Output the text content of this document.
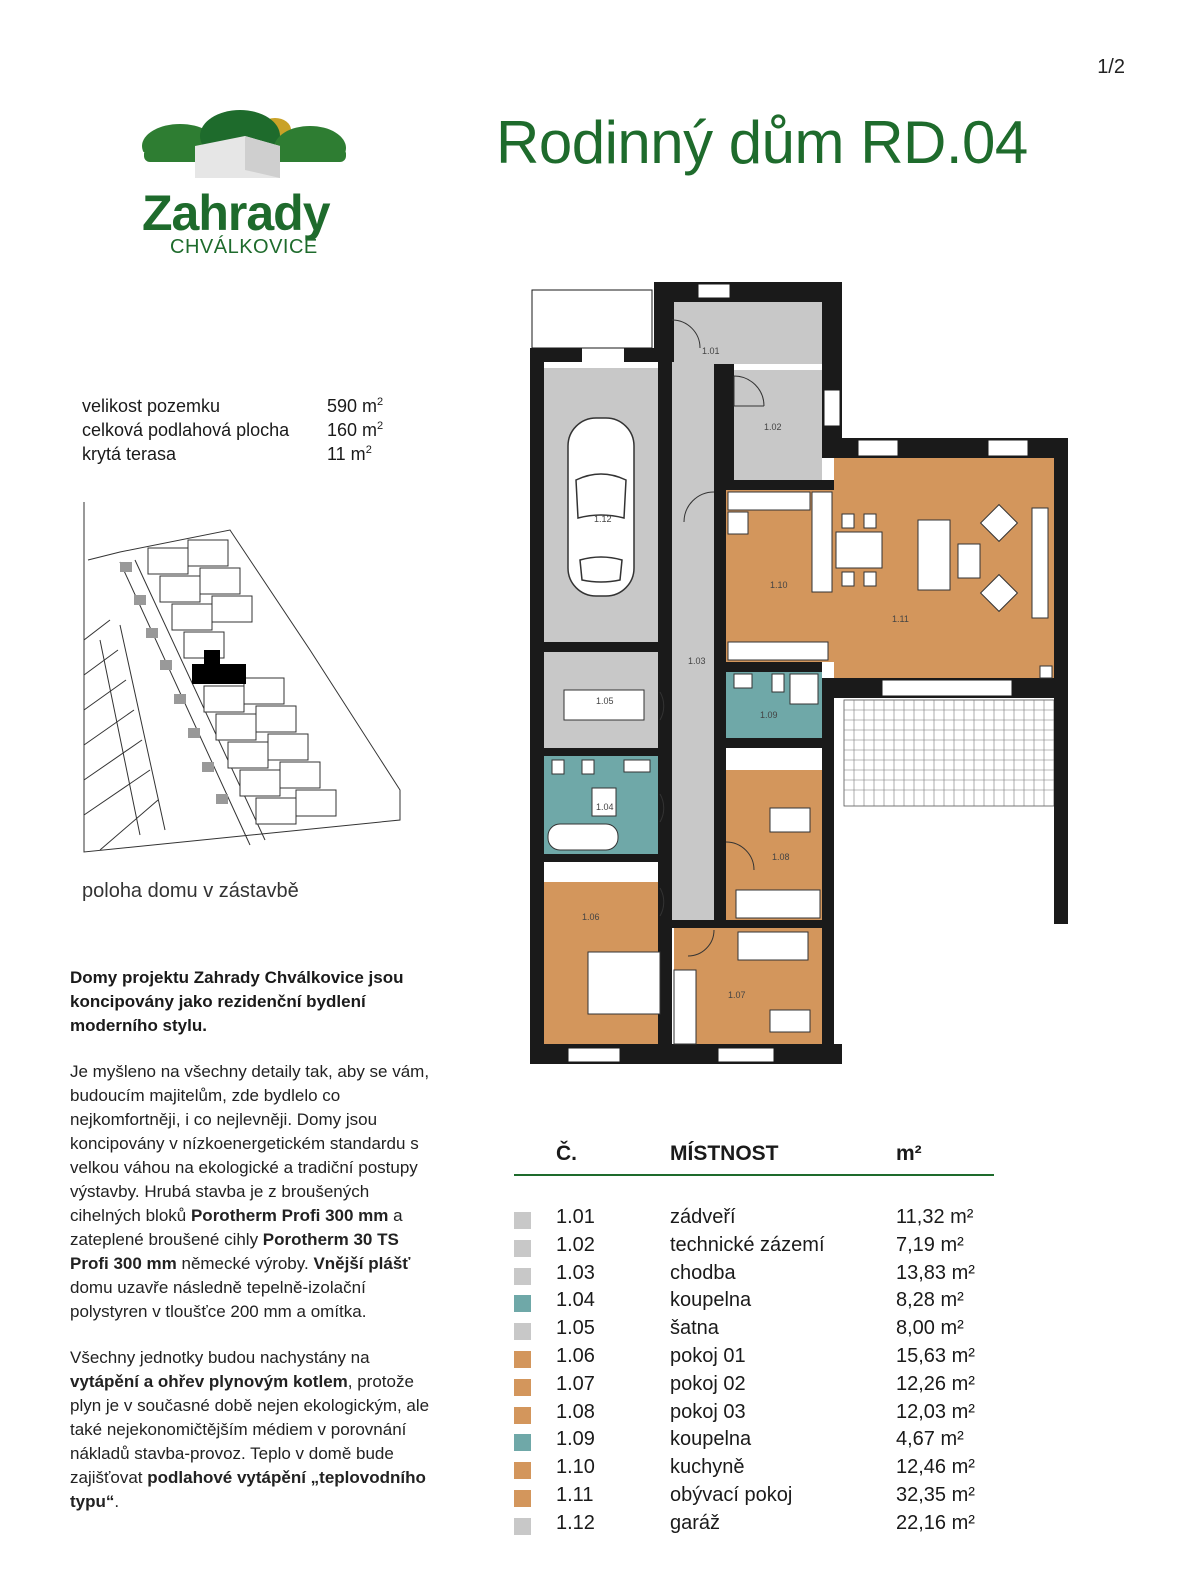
1/2
Rodinný dům RD.04
Zahrady
CHVÁLKOVICE
velikost pozemku	590 $m^2$
celková podlahová plocha	160 $m^2$
krytá terasa	11 $m^2$
poloha domu v zástavbě
Domy projektu Zahrady Chválkovice jsou koncipovány jako rezidenční bydlení moderního stylu.
Je myšleno na všechny detaily tak, aby se vám, budoucím majitelům, zde bydlelo co nejkomfortněji, i co nejlevněji. Domy jsou koncipovány v nízkoenergetickém standardu s velkou váhou na ekologické a tradiční postupy výstavby. Hrubá stavba je z broušených cihelných bloků Porotherm Profi 300 mm a zateplené broušené cihly Porotherm 30 TS Profi 300 mm německé výroby. Vnější plášť domu uzavře následně tepelně-izolační polystyren v tloušťce 200 mm a omítka.
Všechny jednotky budou nachystány na vytápění a ohřev plynovým kotlem, protože plyn je v současné době nejen ekologickým, ale také nejekonomičtějším médiem v porovnání nákladů stavba-provoz. Teplo v domě bude zajišťovat podlahové vytápění „teplovodního typu“.
1.01
1.02
1.03
1.04
1.05
1.06
1.07
1.08
1.09
1.10
1.11
1.12
Č.	MÍSTNOST	m²
1.01	zádveří	11,32 m²
1.02	technické zázemí	7,19 m²
1.03	chodba	13,83 m²
1.04	koupelna	8,28 m²
1.05	šatna	8,00 m²
1.06	pokoj 01	15,63 m²
1.07	pokoj 02	12,26 m²
1.08	pokoj 03	12,03 m²
1.09	koupelna	4,67 m²
1.10	kuchyně	12,46 m²
1.11	obývací pokoj	32,35 m²
1.12	garáž	22,16 m²
